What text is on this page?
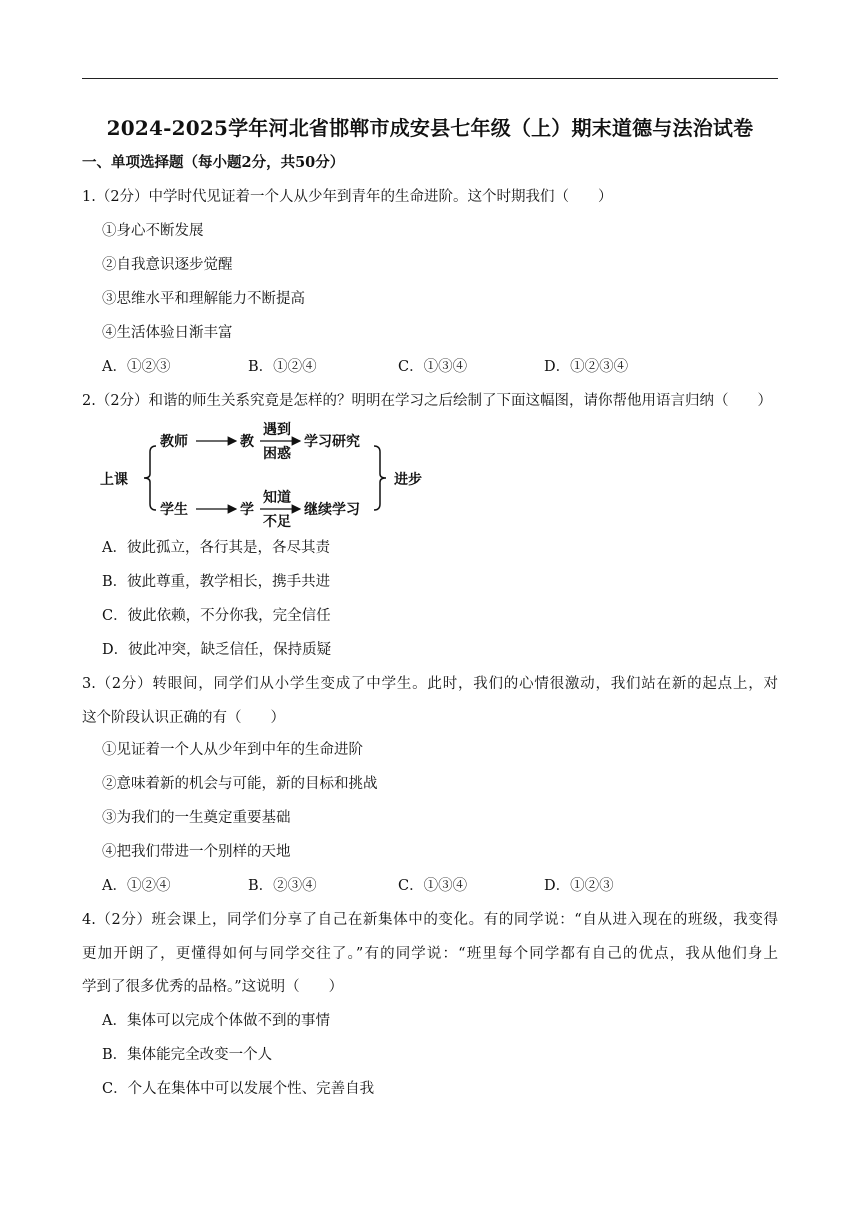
2024-2025学年河北省邯郸市成安县七年级（上）期末道德与法治试卷
一、单项选择题（每小题2分，共50分）
1.（2分）中学时代见证着一个人从少年到青年的生命进阶。这个时期我们（　　）
①身心不断发展
②自我意识逐步觉醒
③思维水平和理解能力不断提高
④生活体验日渐丰富
A．①②③	B．①②④	C．①③④	D．①②③④
2.（2分）和谐的师生关系究竟是怎样的？明明在学习之后绘制了下面这幅图，请你帮他用语言归纳（　　）
上课
教师	教
遇到
困惑
学习研究
学生	学
知道
不足
继续学习
进步
A．彼此孤立，各行其是，各尽其责
B．彼此尊重，教学相长，携手共进
C．彼此依赖，不分你我，完全信任
D．彼此冲突，缺乏信任，保持质疑
3.（2分）转眼间，同学们从小学生变成了中学生。此时，我们的心情很激动，我们站在新的起点上，对
这个阶段认识正确的有（　　）
①见证着一个人从少年到中年的生命进阶
②意味着新的机会与可能，新的目标和挑战
③为我们的一生奠定重要基础
④把我们带进一个别样的天地
A．①②④	B．②③④	C．①③④	D．①②③
4.（2分）班会课上，同学们分享了自己在新集体中的变化。有的同学说：“自从进入现在的班级，我变得
更加开朗了，更懂得如何与同学交往了。”有的同学说：“班里每个同学都有自己的优点，我从他们身上
学到了很多优秀的品格。”这说明（　　）
A．集体可以完成个体做不到的事情
B．集体能完全改变一个人
C．个人在集体中可以发展个性、完善自我
